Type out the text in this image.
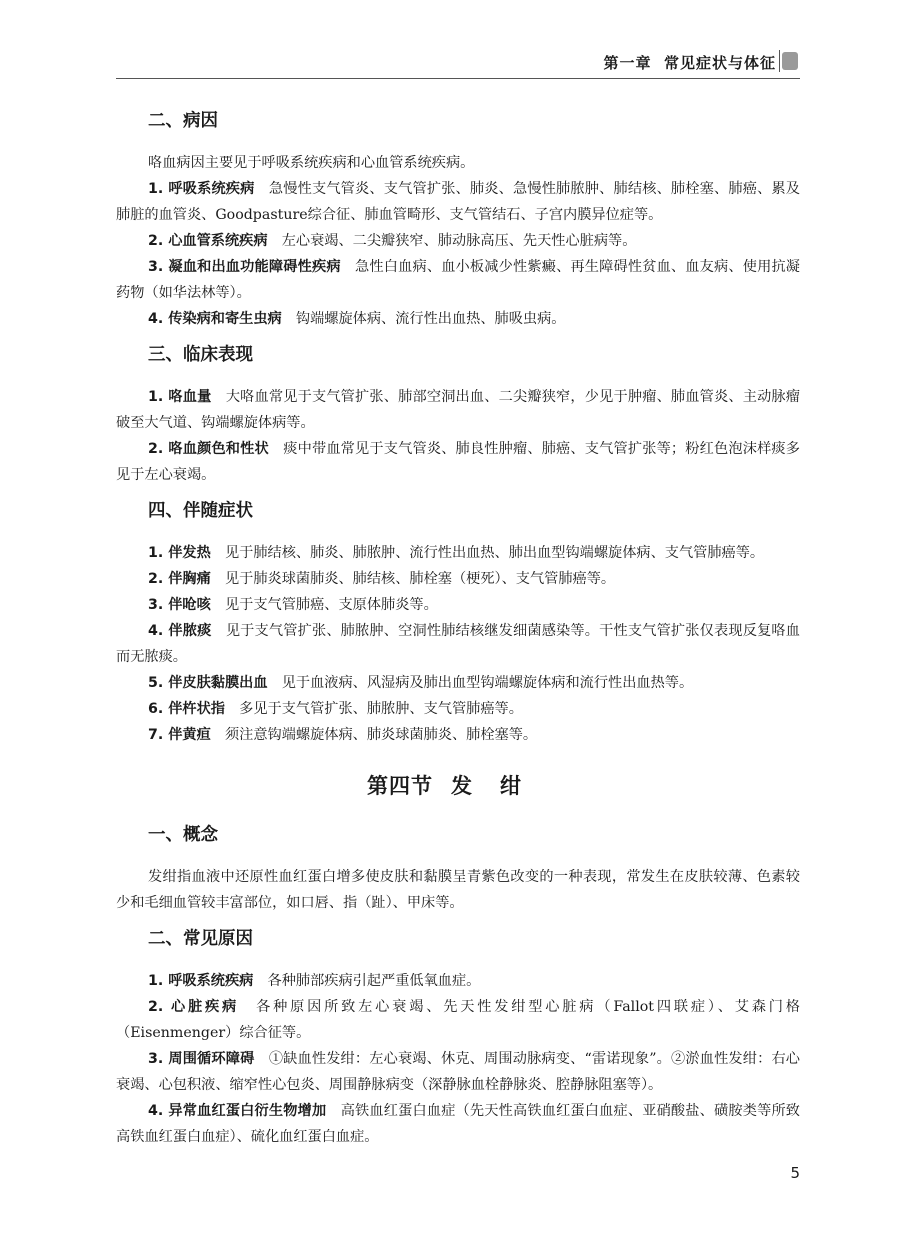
第一章 常见症状与体征
二、病因

咯血病因主要见于呼吸系统疾病和心血管系统疾病。

1. 呼吸系统疾病　 急慢性支气管炎、支气管扩张、肺炎、急慢性肺脓肿、肺结核、肺栓塞、肺癌、累及肺脏的血管炎、Goodpasture综合征、肺血管畸形、支气管结石、子宫内膜异位症等。

2. 心血管系统疾病　 左心衰竭、二尖瓣狭窄、肺动脉高压、先天性心脏病等。

3. 凝血和出血功能障碍性疾病　 急性白血病、血小板减少性紫癜、再生障碍性贫血、血友病、使用抗凝药物（如华法林等）。

4. 传染病和寄生虫病　 钩端螺旋体病、流行性出血热、肺吸虫病。

三、临床表现

1. 咯血量　 大咯血常见于支气管扩张、肺部空洞出血、二尖瓣狭窄，少见于肿瘤、肺血管炎、主动脉瘤破至大气道、钩端螺旋体病等。

2. 咯血颜色和性状　 痰中带血常见于支气管炎、肺良性肿瘤、肺癌、支气管扩张等；粉红色泡沫样痰多见于左心衰竭。

四、伴随症状

1. 伴发热　 见于肺结核、肺炎、肺脓肿、流行性出血热、肺出血型钩端螺旋体病、支气管肺癌等。

2. 伴胸痛　 见于肺炎球菌肺炎、肺结核、肺栓塞（梗死）、支气管肺癌等。

3. 伴呛咳　 见于支气管肺癌、支原体肺炎等。

4. 伴脓痰　 见于支气管扩张、肺脓肿、空洞性肺结核继发细菌感染等。干性支气管扩张仅表现反复咯血而无脓痰。

5. 伴皮肤黏膜出血　 见于血液病、风湿病及肺出血型钩端螺旋体病和流行性出血热等。

6. 伴杵状指　 多见于支气管扩张、肺脓肿、支气管肺癌等。

7. 伴黄疸　 须注意钩端螺旋体病、肺炎球菌肺炎、肺栓塞等。

第四节 发绀
一、概念

发绀指血液中还原性血红蛋白增多使皮肤和黏膜呈青紫色改变的一种表现，常发生在皮肤较薄、色素较少和毛细血管较丰富部位，如口唇、指（趾）、甲床等。

二、常见原因

1. 呼吸系统疾病　 各种肺部疾病引起严重低氧血症。

2. 心脏疾病　 各种原因所致左心衰竭、先天性发绀型心脏病（Fallot四联症）、艾森门格（Eisenmenger）综合征等。

3. 周围循环障碍　 ①缺血性发绀：左心衰竭、休克、周围动脉病变、“雷诺现象”。②淤血性发绀：右心衰竭、心包积液、缩窄性心包炎、周围静脉病变（深静脉血栓静脉炎、腔静脉阻塞等）。

4. 异常血红蛋白衍生物增加　 高铁血红蛋白血症（先天性高铁血红蛋白血症、亚硝酸盐、磺胺类等所致高铁血红蛋白血症）、硫化血红蛋白血症。

5
